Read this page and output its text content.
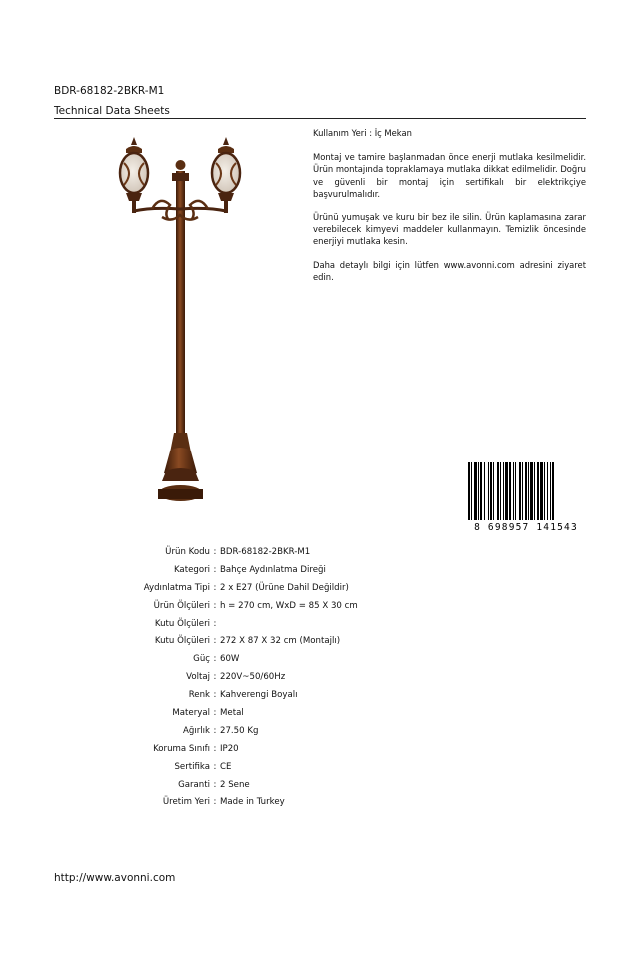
BDR-68182-2BKR-M1
Technical Data Sheets

Kullanım Yeri : İç Mekan

Montaj ve tamire başlanmadan önce enerji mutlaka kesilmelidir. Ürün montajında topraklamaya mutlaka dikkat edilmelidir. Doğru ve güvenli bir montaj için sertifikalı bir elektrikçiye başvurulmalıdır.

Ürünü yumuşak ve kuru bir bez ile silin. Ürün kaplamasına zarar verebilecek kimyevi maddeler kullanmayın. Temizlik öncesinde enerjiyi mutlaka kesin.

Daha detaylı bilgi için lütfen www.avonni.com adresini ziyaret edin.

8 698957 141543
Ürün Kodu : BDR-68182-2BKR-M1
Kategori : Bahçe Aydınlatma Direği
Aydınlatma Tipi : 2 x E27 (Ürüne Dahil Değildir)
Ürün Ölçüleri : h = 270 cm, WxD = 85 X 30 cm
Kutu Ölçüleri :
Kutu Ölçüleri : 272 X 87 X 32 cm (Montajlı)
Güç : 60W
Voltaj : 220V~50/60Hz
Renk : Kahverengi Boyalı
Materyal : Metal
Ağırlık : 27.50 Kg
Koruma Sınıfı : IP20
Sertifika : CE
Garanti : 2 Sene
Üretim Yeri : Made in Turkey
http://www.avonni.com
